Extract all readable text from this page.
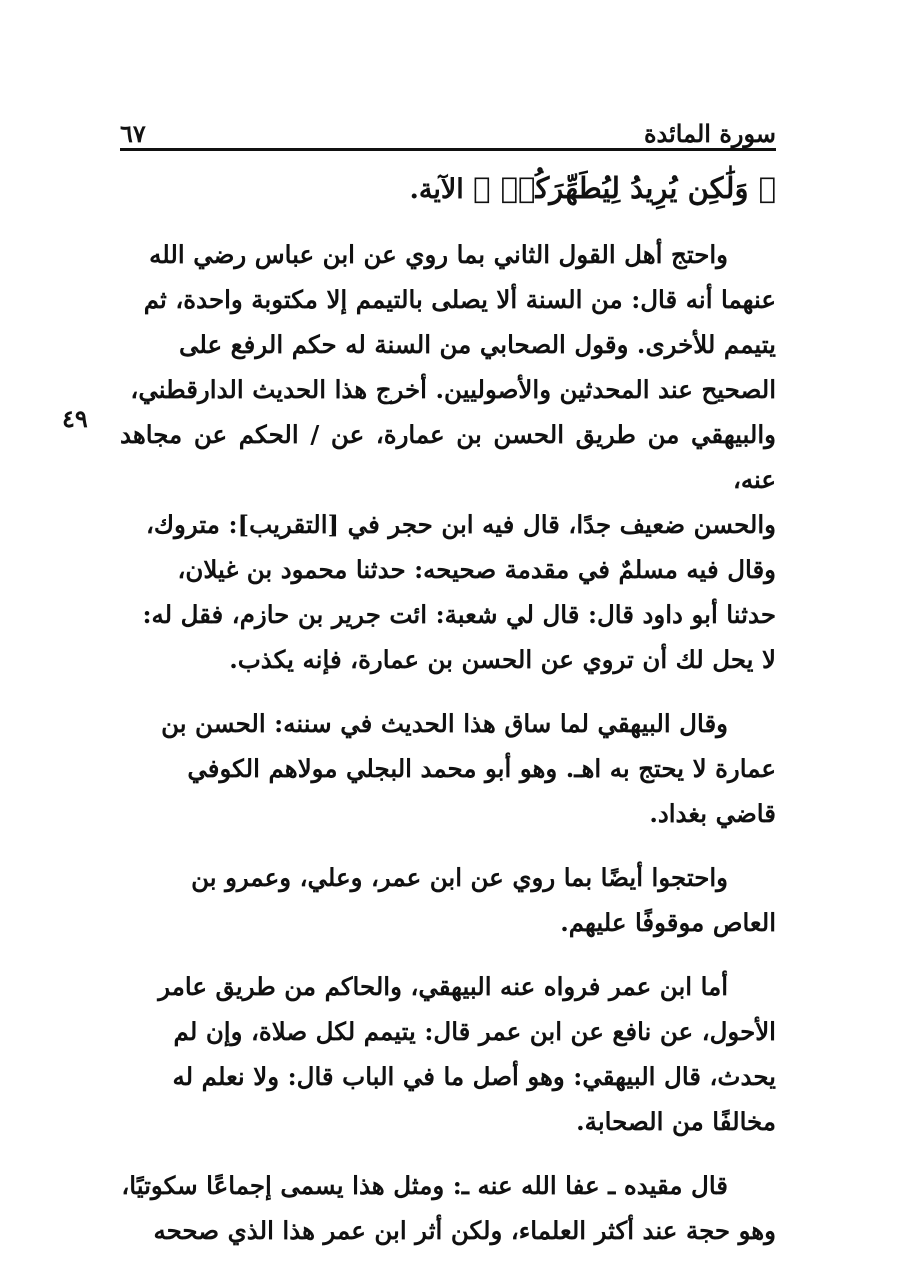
سورة المائدة
٦٧
﴿ وَلَٰكِن يُرِيدُ لِيُطَهِّرَكُمۡ ﴾ الآية.
٤٩

واحتج أهل القول الثاني بما روي عن ابن عباس رضي الله

عنهما أنه قال: من السنة ألا يصلى بالتيمم إلا مكتوبة واحدة، ثم

يتيمم للأخرى. وقول الصحابي من السنة له حكم الرفع على

الصحيح عند المحدثين والأصوليين. أخرج هذا الحديث الدارقطني،

والبيهقي من طريق الحسن بن عمارة، عن / الحكم عن مجاهد عنه،

والحسن ضعيف جدًا، قال فيه ابن حجر في [التقريب]: متروك،

وقال فيه مسلمٌ في مقدمة صحيحه: حدثنا محمود بن غيلان،

حدثنا أبو داود قال: قال لي شعبة: ائت جرير بن حازم، فقل له:

لا يحل لك أن تروي عن الحسن بن عمارة، فإنه يكذب.

وقال البيهقي لما ساق هذا الحديث في سننه: الحسن بن

عمارة لا يحتج به اهـ. وهو أبو محمد البجلي مولاهم الكوفي

قاضي بغداد.

واحتجوا أيضًا بما روي عن ابن عمر، وعلي، وعمرو بن

العاص موقوفًا عليهم.

أما ابن عمر فرواه عنه البيهقي، والحاكم من طريق عامر

الأحول، عن نافع عن ابن عمر قال: يتيمم لكل صلاة، وإن لم

يحدث، قال البيهقي: وهو أصل ما في الباب قال: ولا نعلم له

مخالفًا من الصحابة.

قال مقيده ـ عفا الله عنه ـ: ومثل هذا يسمى إجماعًا سكوتيًا،

وهو حجة عند أكثر العلماء، ولكن أثر ابن عمر هذا الذي صححه
